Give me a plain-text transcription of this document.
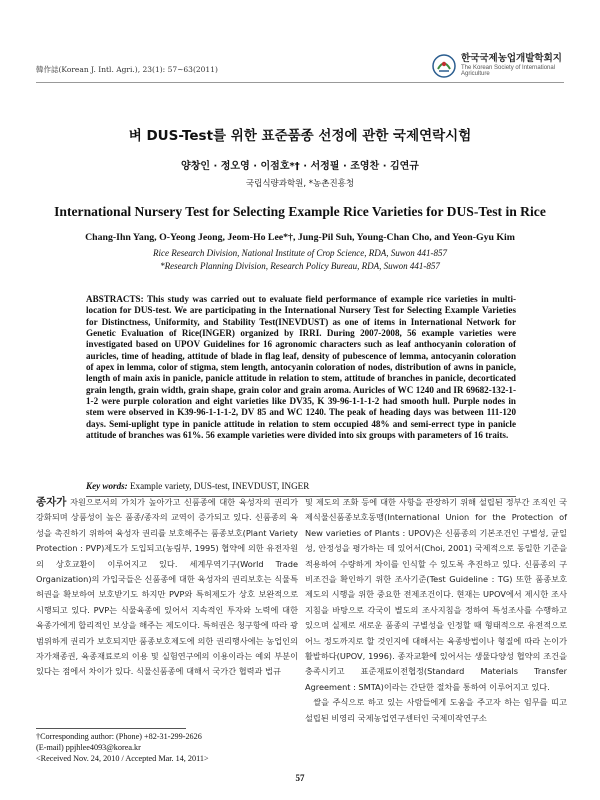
韓作誌(Korean J. Intl. Agri.), 23(1): 57~63(2011)
한국국제농업개발학회지
The Korean Society of International
Agriculture
벼 DUS-Test를 위한 표준품종 선정에 관한 국제연락시험
양창인 · 정오영 · 이점호*† · 서정필 · 조영찬 · 김연규
국립식량과학원, *농촌진흥청
International Nursery Test for Selecting Example Rice Varieties for DUS-Test in Rice
Chang-Ihn Yang, O-Yeong Jeong, Jeom-Ho Lee*†, Jung-Pil Suh, Young-Chan Cho, and Yeon-Gyu Kim
Rice Research Division, National Institute of Crop Science, RDA, Suwon 441-857
*Research Planning Division, Research Policy Bureau, RDA, Suwon 441-857
ABSTRACTS: This study was carried out to evaluate field performance of example rice varieties in multi-location for DUS-test. We are participating in the International Nursery Test for Selecting Example Varieties for Distinctness, Uniformity, and Stability Test(INEVDUST) as one of items in International Network for Genetic Evaluation of Rice(INGER) organized by IRRI. During 2007-2008, 56 example varieties were investigated based on UPOV Guidelines for 16 agronomic characters such as leaf anthocyanin coloration of auricles, time of heading, attitude of blade in flag leaf, density of pubescence of lemma, antocyanin coloration of apex in lemma, color of stigma, stem length, antocyanin coloration of nodes, distribution of awns in panicle, length of main axis in panicle, panicle attitude in relation to stem, attitude of branches in panicle, decorticated grain length, grain width, grain shape, grain color and grain aroma. Auricles of WC 1240 and IR 69682-132-1-1-2 were purple coloration and eight varieties like DV35, K 39-96-1-1-1-2 had smooth hull. Purple nodes in stem were observed in K39-96-1-1-1-2, DV 85 and WC 1240. The peak of heading days was between 111-120 days. Semi-uplight type in panicle attitude in relation to stem occupied 48% and semi-errect type in panicle attitude of branches was 61%. 56 example varieties were divided into six groups with parameters of 16 traits.
Key words: Example variety, DUS-test, INEVDUST, INGER

종자가 자원으로서의 가치가 높아가고 신품종에 대한 육성자의 권리가 강화되며 상품성이 높은 품종/종자의 교역이 증가되고 있다. 신품종의 육성을 촉진하기 위하여 육성자 권리를 보호해주는 품종보호(Plant Variety Protection : PVP)제도가 도입되고(농림부, 1995) 협약에 의한 유전자원의 상호교환이 이루어지고 있다. 세계무역기구(World Trade Organization)의 가입국들은 신품종에 대한 육성자의 권리보호는 식물특허권을 확보하여 보호받기도 하지만 PVP와 특허제도가 상호 보완적으로 시행되고 있다. PVP는 식물육종에 있어서 지속적인 투자와 노력에 대한 육종가에게 합리적인 보상을 해주는 제도이다. 특허권은 청구항에 따라 광범위하게 권리가 보호되지만 품종보호제도에 의한 권리행사에는 농업인의 자가채종권, 육종재료로의 이용 및 실험연구에의 이용이라는 예외 부분이 있다는 점에서 차이가 있다. 식물신품종에 대해서 국가간 협력과 법규

및 제도의 조화 등에 대한 사항을 관장하기 위해 설립된 정부간 조직인 국제식물신품종보호동맹(International Union for the Protection of New varieties of Plants : UPOV)은 신품종의 기본조건인 구별성, 균일성, 안정성을 평가하는 데 있어서(Choi, 2001) 국제적으로 동일한 기준을 적용하여 수량하게 차이를 인식할 수 있도록 추진하고 있다. 신품종의 구비조건을 확인하기 위한 조사기준(Test Guideline : TG) 또한 품종보호제도의 시행을 위한 중요한 전제조건이다. 현재는 UPOV에서 제시한 조사지침을 바탕으로 각국이 별도의 조사지침을 정하여 특성조사를 수행하고 있으며 실제로 새로운 품종의 구별성을 인정할 때 형태적으로 유전적으로 어느 정도까지로 할 것인지에 대해서는 육종방법이나 형질에 따라 논이가 활발하다(UPOV, 1996). 종자교환에 있어서는 생물다양성 협약의 조건을 충족시키고 표준재료이전협정(Standard Materials Transfer Agreement : SMTA)이라는 간단한 절차를 통하여 이루어지고 있다.

쌀을 주식으로 하고 있는 사람들에게 도움을 주고자 하는 임무를 띠고 설립된 비영리 국제농업연구센터인 국제미작연구소

†Corresponding author: (Phone) +82-31-299-2626
(E-mail) ppjhlee4093@korea.kr
<Received Nov. 24, 2010 / Accepted Mar. 14, 2011>
57
